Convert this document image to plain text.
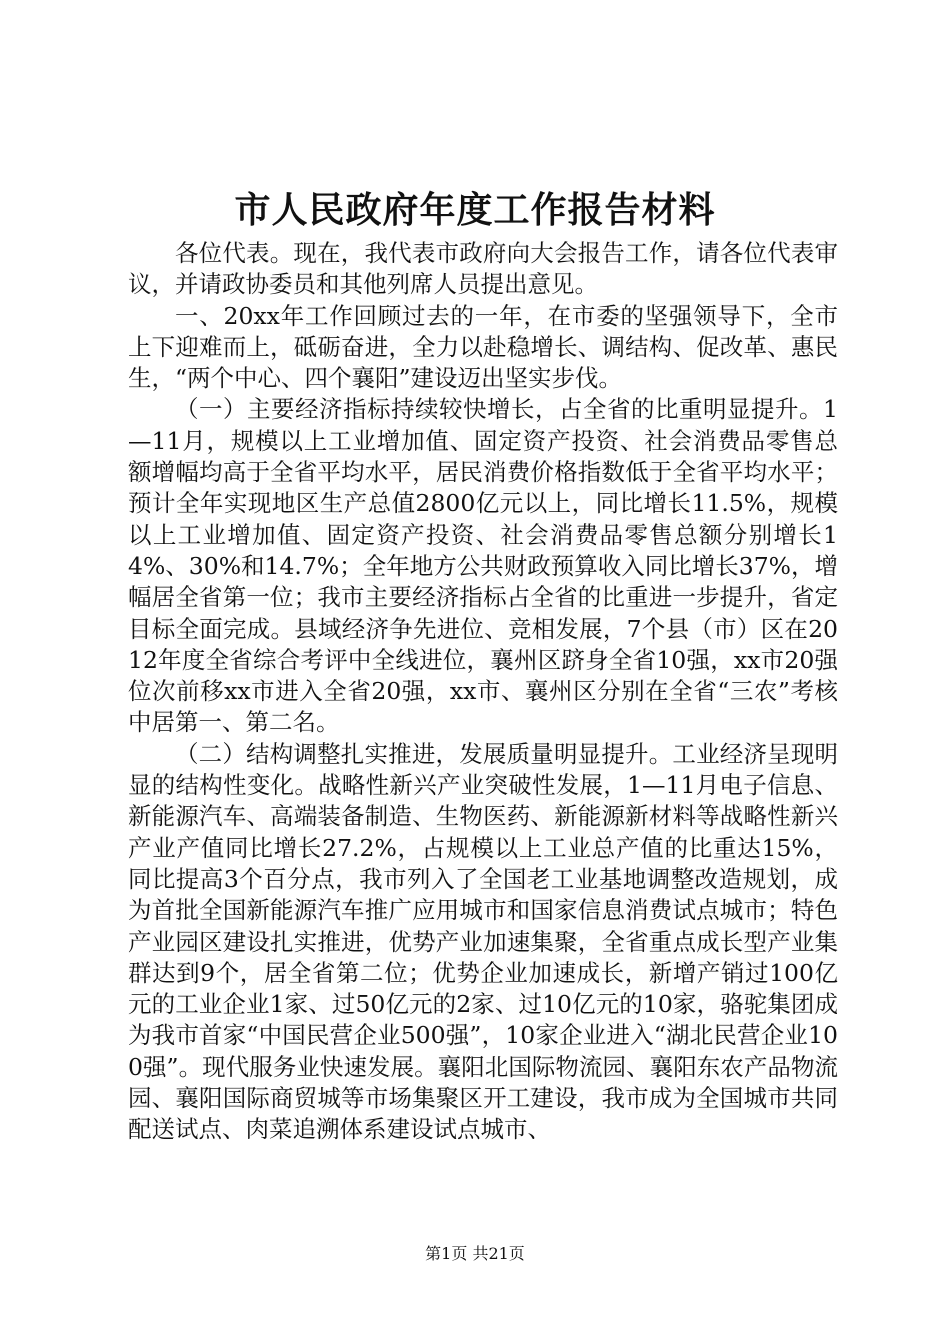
市人民政府年度工作报告材料

各位代表。现在，我代表市政府向大会报告工作，请各位代表审议，并请政协委员和其他列席人员提出意见。

一、20xx年工作回顾过去的一年，在市委的坚强领导下，全市上下迎难而上，砥砺奋进，全力以赴稳增长、调结构、促改革、惠民生，“两个中心、四个襄阳”建设迈出坚实步伐。

（一）主要经济指标持续较快增长，占全省的比重明显提升。1—11月，规模以上工业增加值、固定资产投资、社会消费品零售总额增幅均高于全省平均水平，居民消费价格指数低于全省平均水平；预计全年实现地区生产总值2800亿元以上，同比增长11.5%，规模以上工业增加值、固定资产投资、社会消费品零售总额分别增长14%、30%和14.7%；全年地方公共财政预算收入同比增长37%，增幅居全省第一位；我市主要经济指标占全省的比重进一步提升，省定目标全面完成。县域经济争先进位、竞相发展，7个县（市）区在2012年度全省综合考评中全线进位，襄州区跻身全省10强，xx市20强位次前移xx市进入全省20强，xx市、襄州区分别在全省“三农”考核中居第一、第二名。

（二）结构调整扎实推进，发展质量明显提升。工业经济呈现明显的结构性变化。战略性新兴产业突破性发展，1—11月电子信息、新能源汽车、高端装备制造、生物医药、新能源新材料等战略性新兴产业产值同比增长27.2%，占规模以上工业总产值的比重达15%，同比提高3个百分点，我市列入了全国老工业基地调整改造规划，成为首批全国新能源汽车推广应用城市和国家信息消费试点城市；特色产业园区建设扎实推进，优势产业加速集聚，全省重点成长型产业集群达到9个，居全省第二位；优势企业加速成长，新增产销过100亿元的工业企业1家、过50亿元的2家、过10亿元的10家，骆驼集团成为我市首家“中国民营企业500强”，10家企业进入“湖北民营企业100强”。现代服务业快速发展。襄阳北国际物流园、襄阳东农产品物流园、襄阳国际商贸城等市场集聚区开工建设，我市成为全国城市共同配送试点、肉菜追溯体系建设试点城市、

第1页 共21页
